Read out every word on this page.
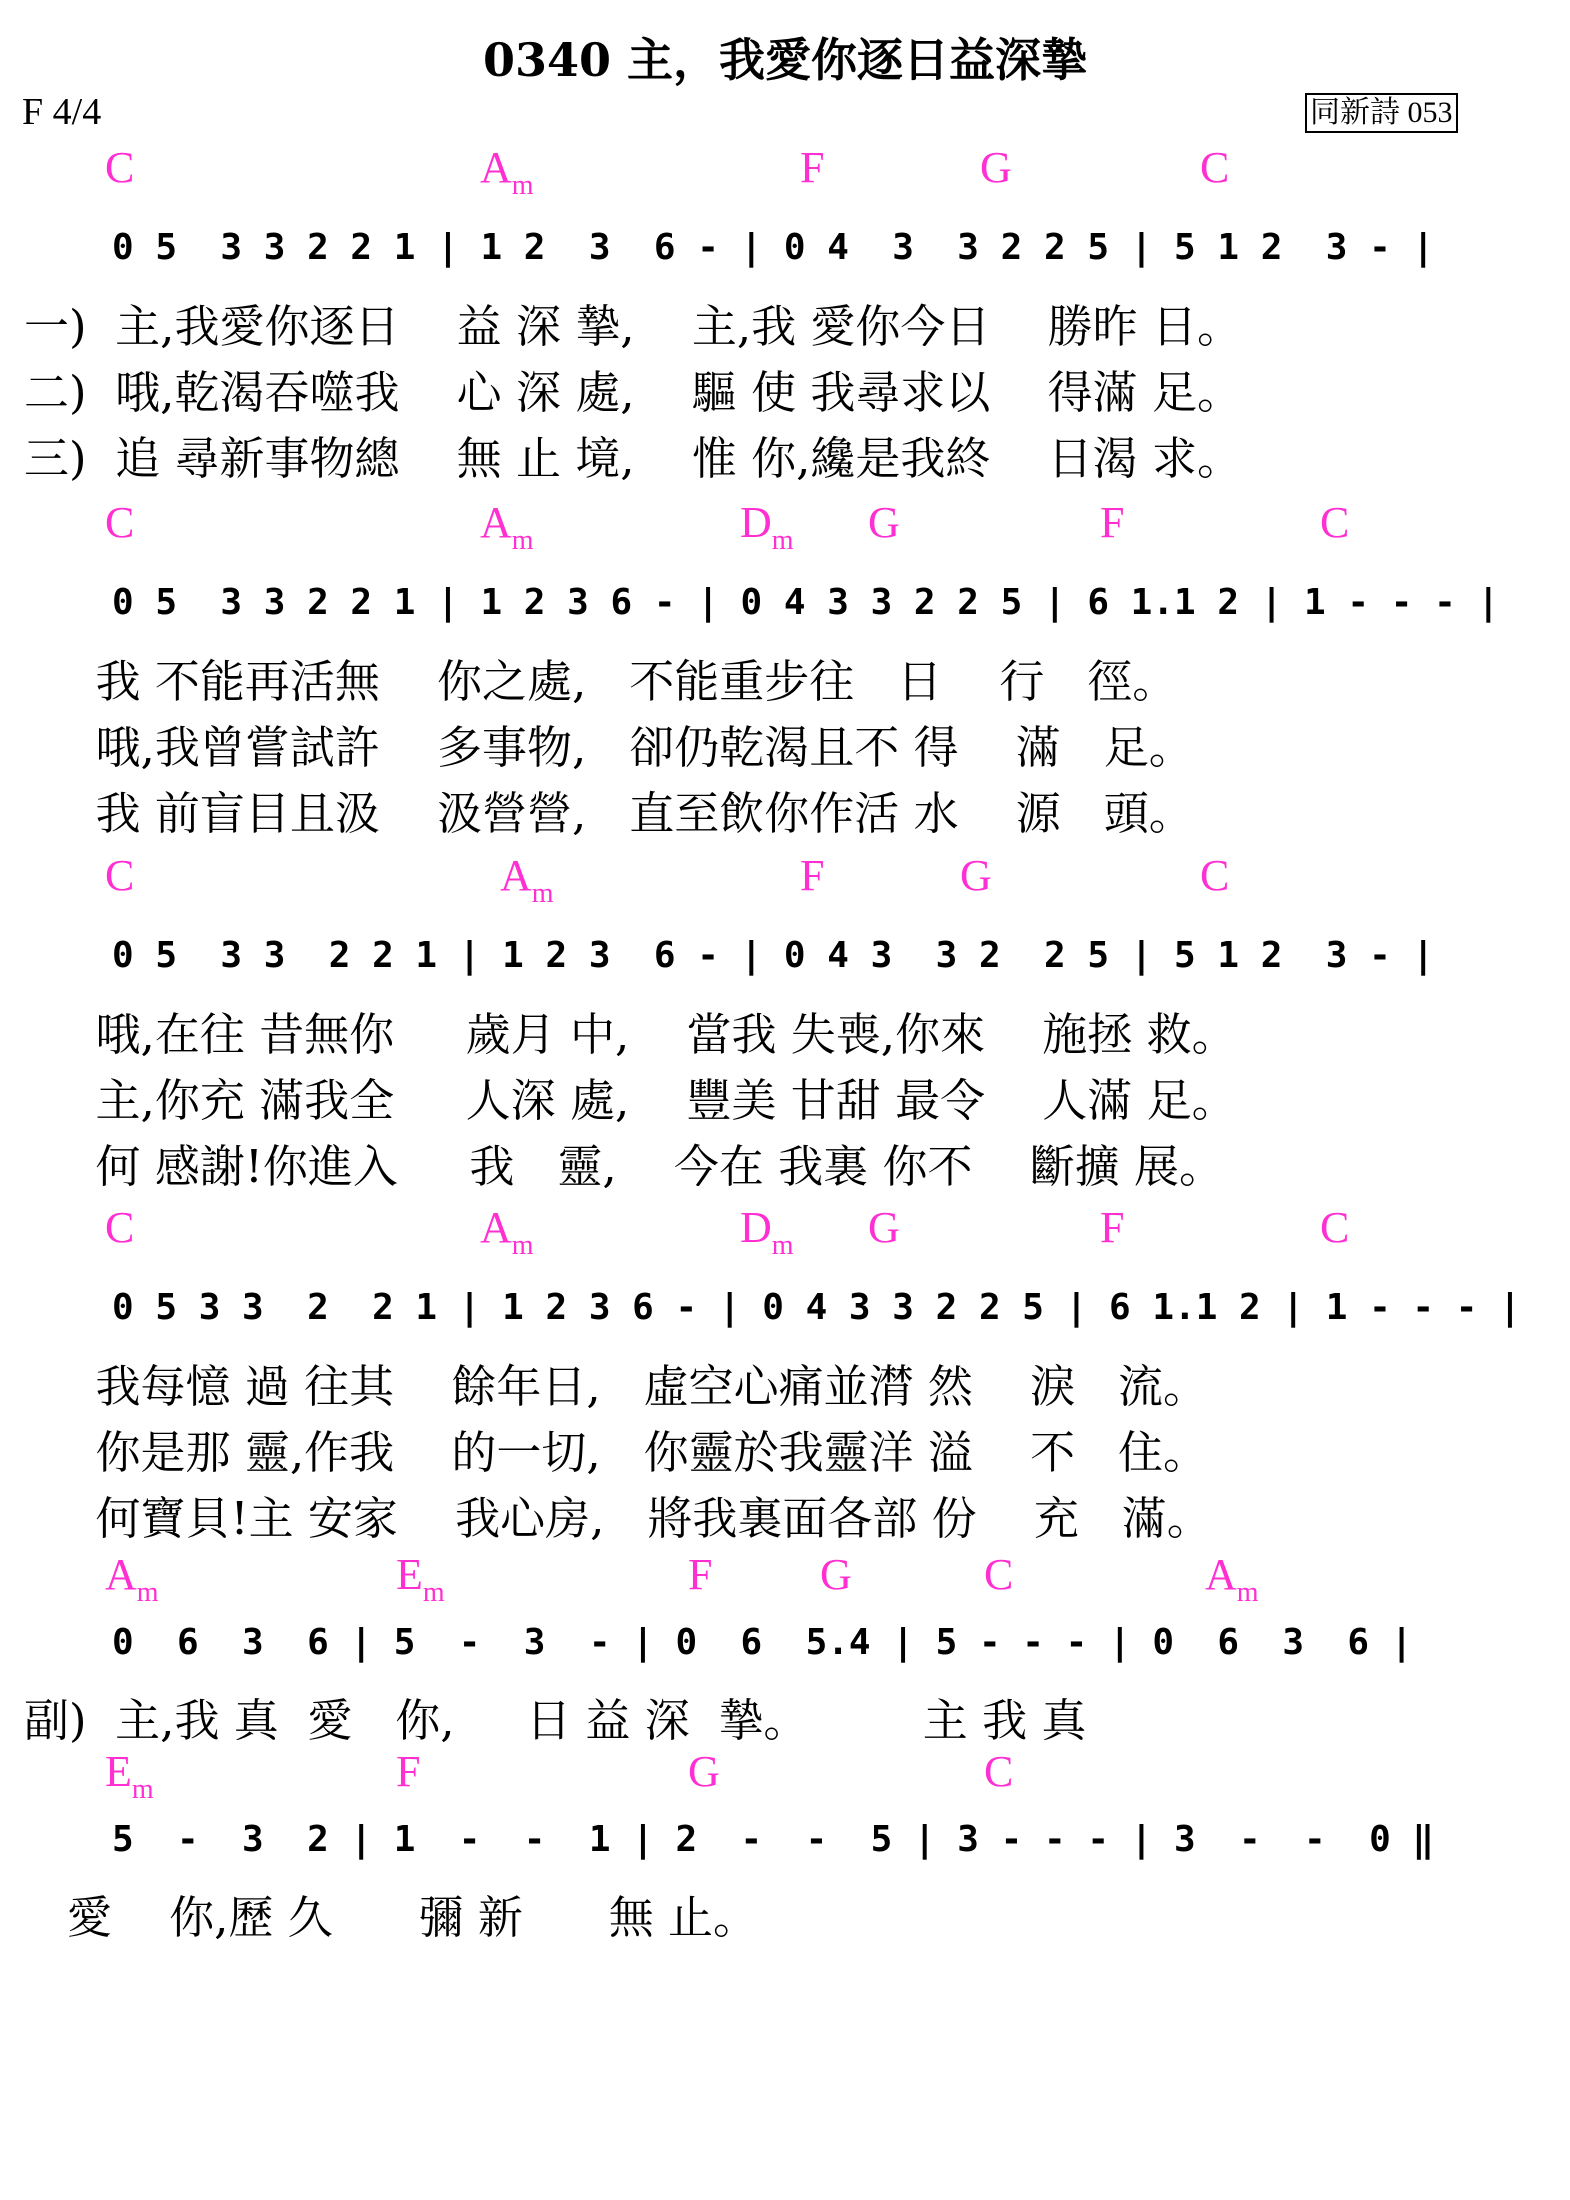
0340 主，我愛你逐日益深摯
F 4/4	同新詩 053
C	$A_m$	F	G	C
0 5  3 3 2 2 1 | 1 2  3  6 - | 0 4  3  3 2 2 5 | 5 1 2  3 - |
一)  主,我愛你逐日    益 深 摯,    主,我 愛你今日    勝昨 日。
二)  哦,乾渴吞噬我    心 深 處,    驅 使 我尋求以    得滿 足。
三)  追 尋新事物總    無 止 境,    惟 你,纔是我終    日渴 求。
C	$A_m$	$D_m$ G	F	C
0 5  3 3 2 2 1 | 1 2 3 6 - | 0 4 3 3 2 2 5 | 6 1.1 2 | 1 - - - |
我 不能再活無    你之處,   不能重步往   日    行   徑。
哦,我曾嘗試許    多事物,   卻仍乾渴且不 得    滿   足。
我 前盲目且汲    汲營營,   直至飲你作活 水    源   頭。
C	$A_m$	F	G	C
0 5  3 3  2 2 1 | 1 2 3  6 - | 0 4 3  3 2  2 5 | 5 1 2  3 - |
哦,在往 昔無你     歲月 中,    當我 失喪,你來    施拯 救。
主,你充 滿我全     人深 處,    豐美 甘甜 最令    人滿 足。
何 感謝!你進入     我   靈,    今在 我裏 你不    斷擴 展。
C	$A_m$	$D_m$ G	F	C
0 5 3 3  2  2 1 | 1 2 3 6 - | 0 4 3 3 2 2 5 | 6 1.1 2 | 1 - - - |
我每憶 過 往其    餘年日,   虛空心痛並潸 然    淚   流。
你是那 靈,作我    的一切,   你靈於我靈洋 溢    不   住。
何寶貝!主 安家    我心房,   將我裏面各部 份    充   滿。
$A_m$	$E_m$	F G	C	$A_m$
0  6  3  6 | 5  -  3  - | 0  6  5.4 | 5 - - - | 0  6  3  6 |
副)  主,我 真  愛   你,     日 益 深  摯。        主 我 真
$E_m$	F	G	C
5  -  3  2 | 1  -  -  1 | 2  -  -  5 | 3 - - - | 3  -  -  0 ‖
愛    你,歷 久      彌 新      無 止。
